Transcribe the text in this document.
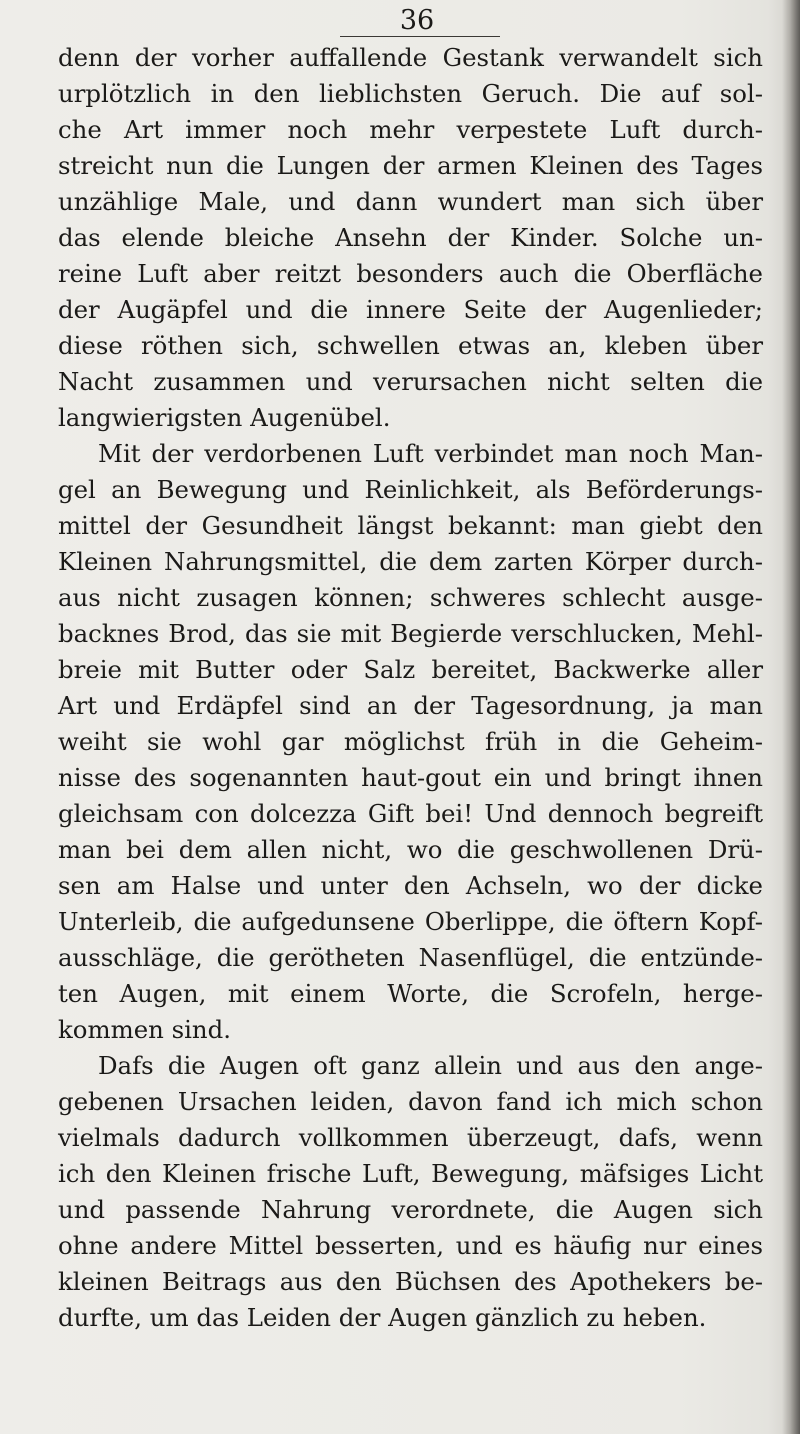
36
denn der vorher auffallende Gestank verwandelt sich
urplötzlich in den lieblichsten Geruch. Die auf sol-
che Art immer noch mehr verpestete Luft durch-
streicht nun die Lungen der armen Kleinen des Tages
unzählige Male, und dann wundert man sich über
das elende bleiche Ansehn der Kinder. Solche un-
reine Luft aber reitzt besonders auch die Oberfläche
der Augäpfel und die innere Seite der Augenlieder;
diese röthen sich, schwellen etwas an, kleben über
Nacht zusammen und verursachen nicht selten die
langwierigsten Augenübel.
Mit der verdorbenen Luft verbindet man noch Man-
gel an Bewegung und Reinlichkeit, als Beförderungs-
mittel der Gesundheit längst bekannt: man giebt den
Kleinen Nahrungsmittel, die dem zarten Körper durch-
aus nicht zusagen können; schweres schlecht ausge-
backnes Brod, das sie mit Begierde verschlucken, Mehl-
breie mit Butter oder Salz bereitet, Backwerke aller
Art und Erdäpfel sind an der Tagesordnung, ja man
weiht sie wohl gar möglichst früh in die Geheim-
nisse des sogenannten haut-gout ein und bringt ihnen
gleichsam con dolcezza Gift bei! Und dennoch begreift
man bei dem allen nicht, wo die geschwollenen Drü-
sen am Halse und unter den Achseln, wo der dicke
Unterleib, die aufgedunsene Oberlippe, die öftern Kopf-
ausschläge, die gerötheten Nasenflügel, die entzünde-
ten Augen, mit einem Worte, die Scrofeln, herge-
kommen sind.
Dafs die Augen oft ganz allein und aus den ange-
gebenen Ursachen leiden, davon fand ich mich schon
vielmals dadurch vollkommen überzeugt, dafs, wenn
ich den Kleinen frische Luft, Bewegung, mäfsiges Licht
und passende Nahrung verordnete, die Augen sich
ohne andere Mittel besserten, und es häufig nur eines
kleinen Beitrags aus den Büchsen des Apothekers be-
durfte, um das Leiden der Augen gänzlich zu heben.
